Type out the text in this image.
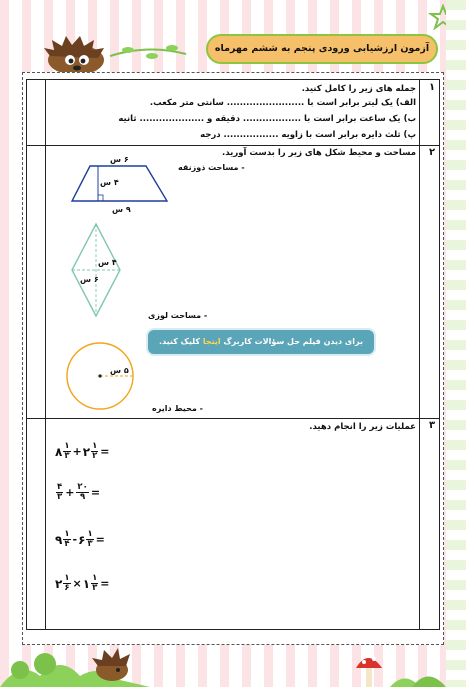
آزمون ارزشیابی ورودی پنجم به ششم مهرماه
۱
۲
۳
جمله های زیر را کامل کنید.
الف) یک لیتر برابر است با ........................ سانتی متر مکعب.
ب) یک ساعت برابر است با .................. دقیقه و .................... ثانیه
پ) ثلث دایره برابر است با زاویه ................. درجه
مساحت و محیط شکل های زیر را بدست آورید.
- مساحت ذوزنقه
۶ س
۴ س
۹ س
۴ س
۶ س
- مساحت لوزی
برای دیدن فیلم حل سؤالات کاربرگ اینجا کلیک کنید.
۵ س
- محیط دایره
عملیات زیر را انجام دهید.
۸ $\frac{۱}{۳}$ + ۲ $\frac{۱}{۲}$ =
$\frac{۴}{۳} + \frac{۲۰}{۹}$ =
۹ $\frac{۱}{۴}$ - ۶ $\frac{۱}{۳}$ =
۲ $\frac{۱}{۶}$ × ۱ $\frac{۱}{۳}$ =
